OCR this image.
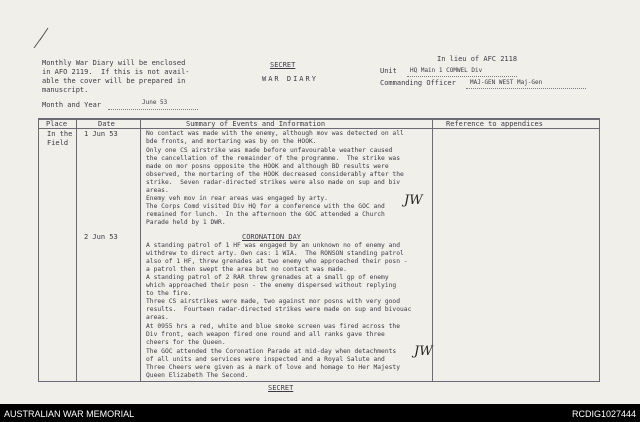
Monthly War Diary will be enclosed
in AFO 2119.  If this is not avail-
able the cover will be prepared in
manuscript.
SECRET
WAR DIARY
In lieu of AFC 2118
Unit HQ Main 1 COMWEL Div
Commanding Officer MAJ-GEN WEST Maj-Gen
Month and Year	June 53
Place	Date	Summary of Events and Information	Reference to appendices
In the
Field
1 Jun 53	No contact was made with the enemy, although mov was detected on all
bde fronts, and mortaring was by on the HOOK.
Only one CS airstrike was made before unfavourable weather caused
the cancellation of the remainder of the programme.  The strike was
made on mor posns opposite the HOOK and although BD results were
observed, the mortaring of the HOOK decreased considerably after the
strike.  Seven radar-directed strikes were also made on sup and biv
areas.
Enemy veh mov in rear areas was engaged by arty.
The Corps Comd visited Div HQ for a conference with the GOC and
remained for lunch.  In the afternoon the GOC attended a Church
Parade held by 1 DWR.
JW
2 Jun 53	CORONATION DAY
A standing patrol of 1 HF was engaged by an unknown no of enemy and
withdrew to direct arty. Own cas: 1 WIA.  The RONSON standing patrol
also of 1 HF, threw grenades at two enemy who approached their posn -
a patrol then swept the area but no contact was made.
A standing patrol of 2 RAR threw grenades at a small gp of enemy
which approached their posn - the enemy dispersed without replying
to the fire.
Three CS airstrikes were made, two against mor posns with very good
results.  Fourteen radar-directed strikes were made on sup and bivouac
areas.
At 0955 hrs a red, white and blue smoke screen was fired across the
Div front, each weapon fired one round and all ranks gave three
cheers for the Queen.
The GOC attended the Coronation Parade at mid-day when detachments
of all units and services were inspected and a Royal Salute and
Three Cheers were given as a mark of love and homage to Her Majesty
Queen Elizabeth The Second.
JW
SECRET
AUSTRALIAN WAR MEMORIAL	RCDIG1027444
